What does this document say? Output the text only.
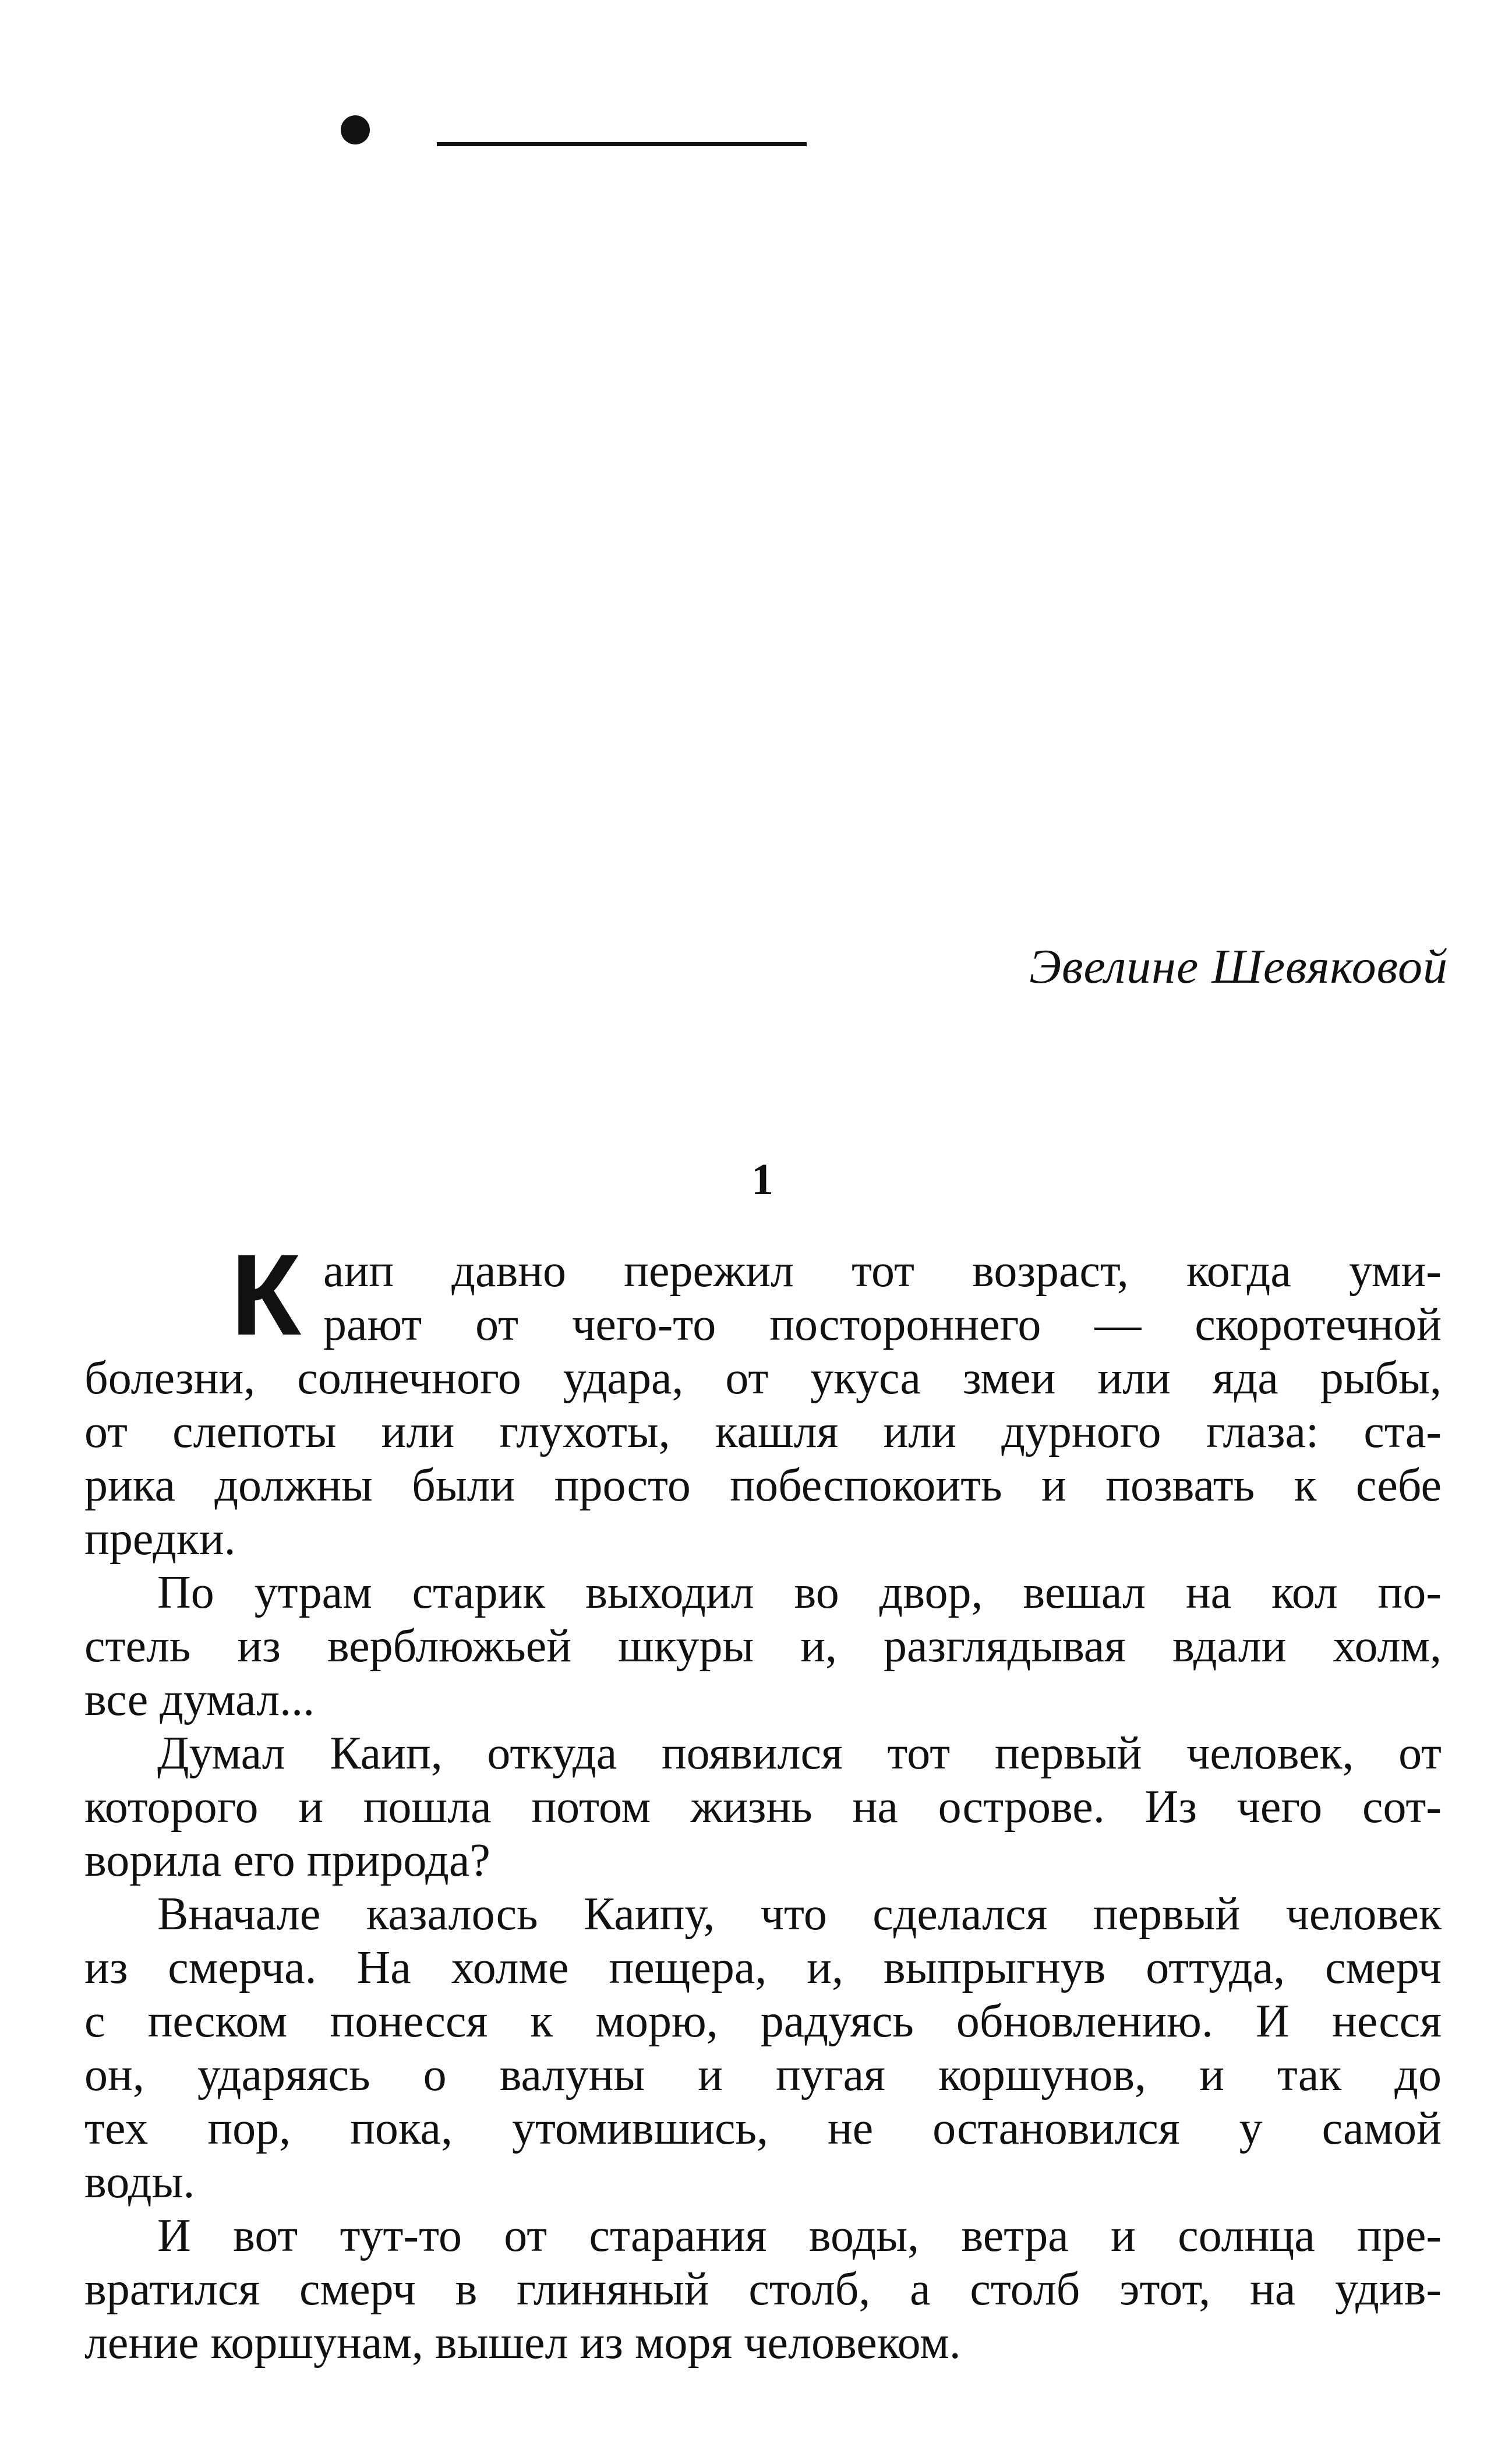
Эвелине Шевяковой
1
К аип давно пережил тот возраст, когда уми-
рают от чего-то постороннего — скоротечной
болезни, солнечного удара, от укуса змеи или яда рыбы,
от слепоты или глухоты, кашля или дурного глаза: ста-
рика должны были просто побеспокоить и позвать к себе
предки.
По утрам старик выходил во двор, вешал на кол по-
стель из верблюжьей шкуры и, разглядывая вдали холм,
все думал...
Думал Каип, откуда появился тот первый человек, от
которого и пошла потом жизнь на острове. Из чего сот-
ворила его природа?
Вначале казалось Каипу, что сделался первый человек
из смерча. На холме пещера, и, выпрыгнув оттуда, смерч
с песком понесся к морю, радуясь обновлению. И несся
он, ударяясь о валуны и пугая коршунов, и так до
тех пор, пока, утомившись, не остановился у самой
воды.
И вот тут-то от старания воды, ветра и солнца пре-
вратился смерч в глиняный столб, а столб этот, на удив-
ление коршунам, вышел из моря человеком.
